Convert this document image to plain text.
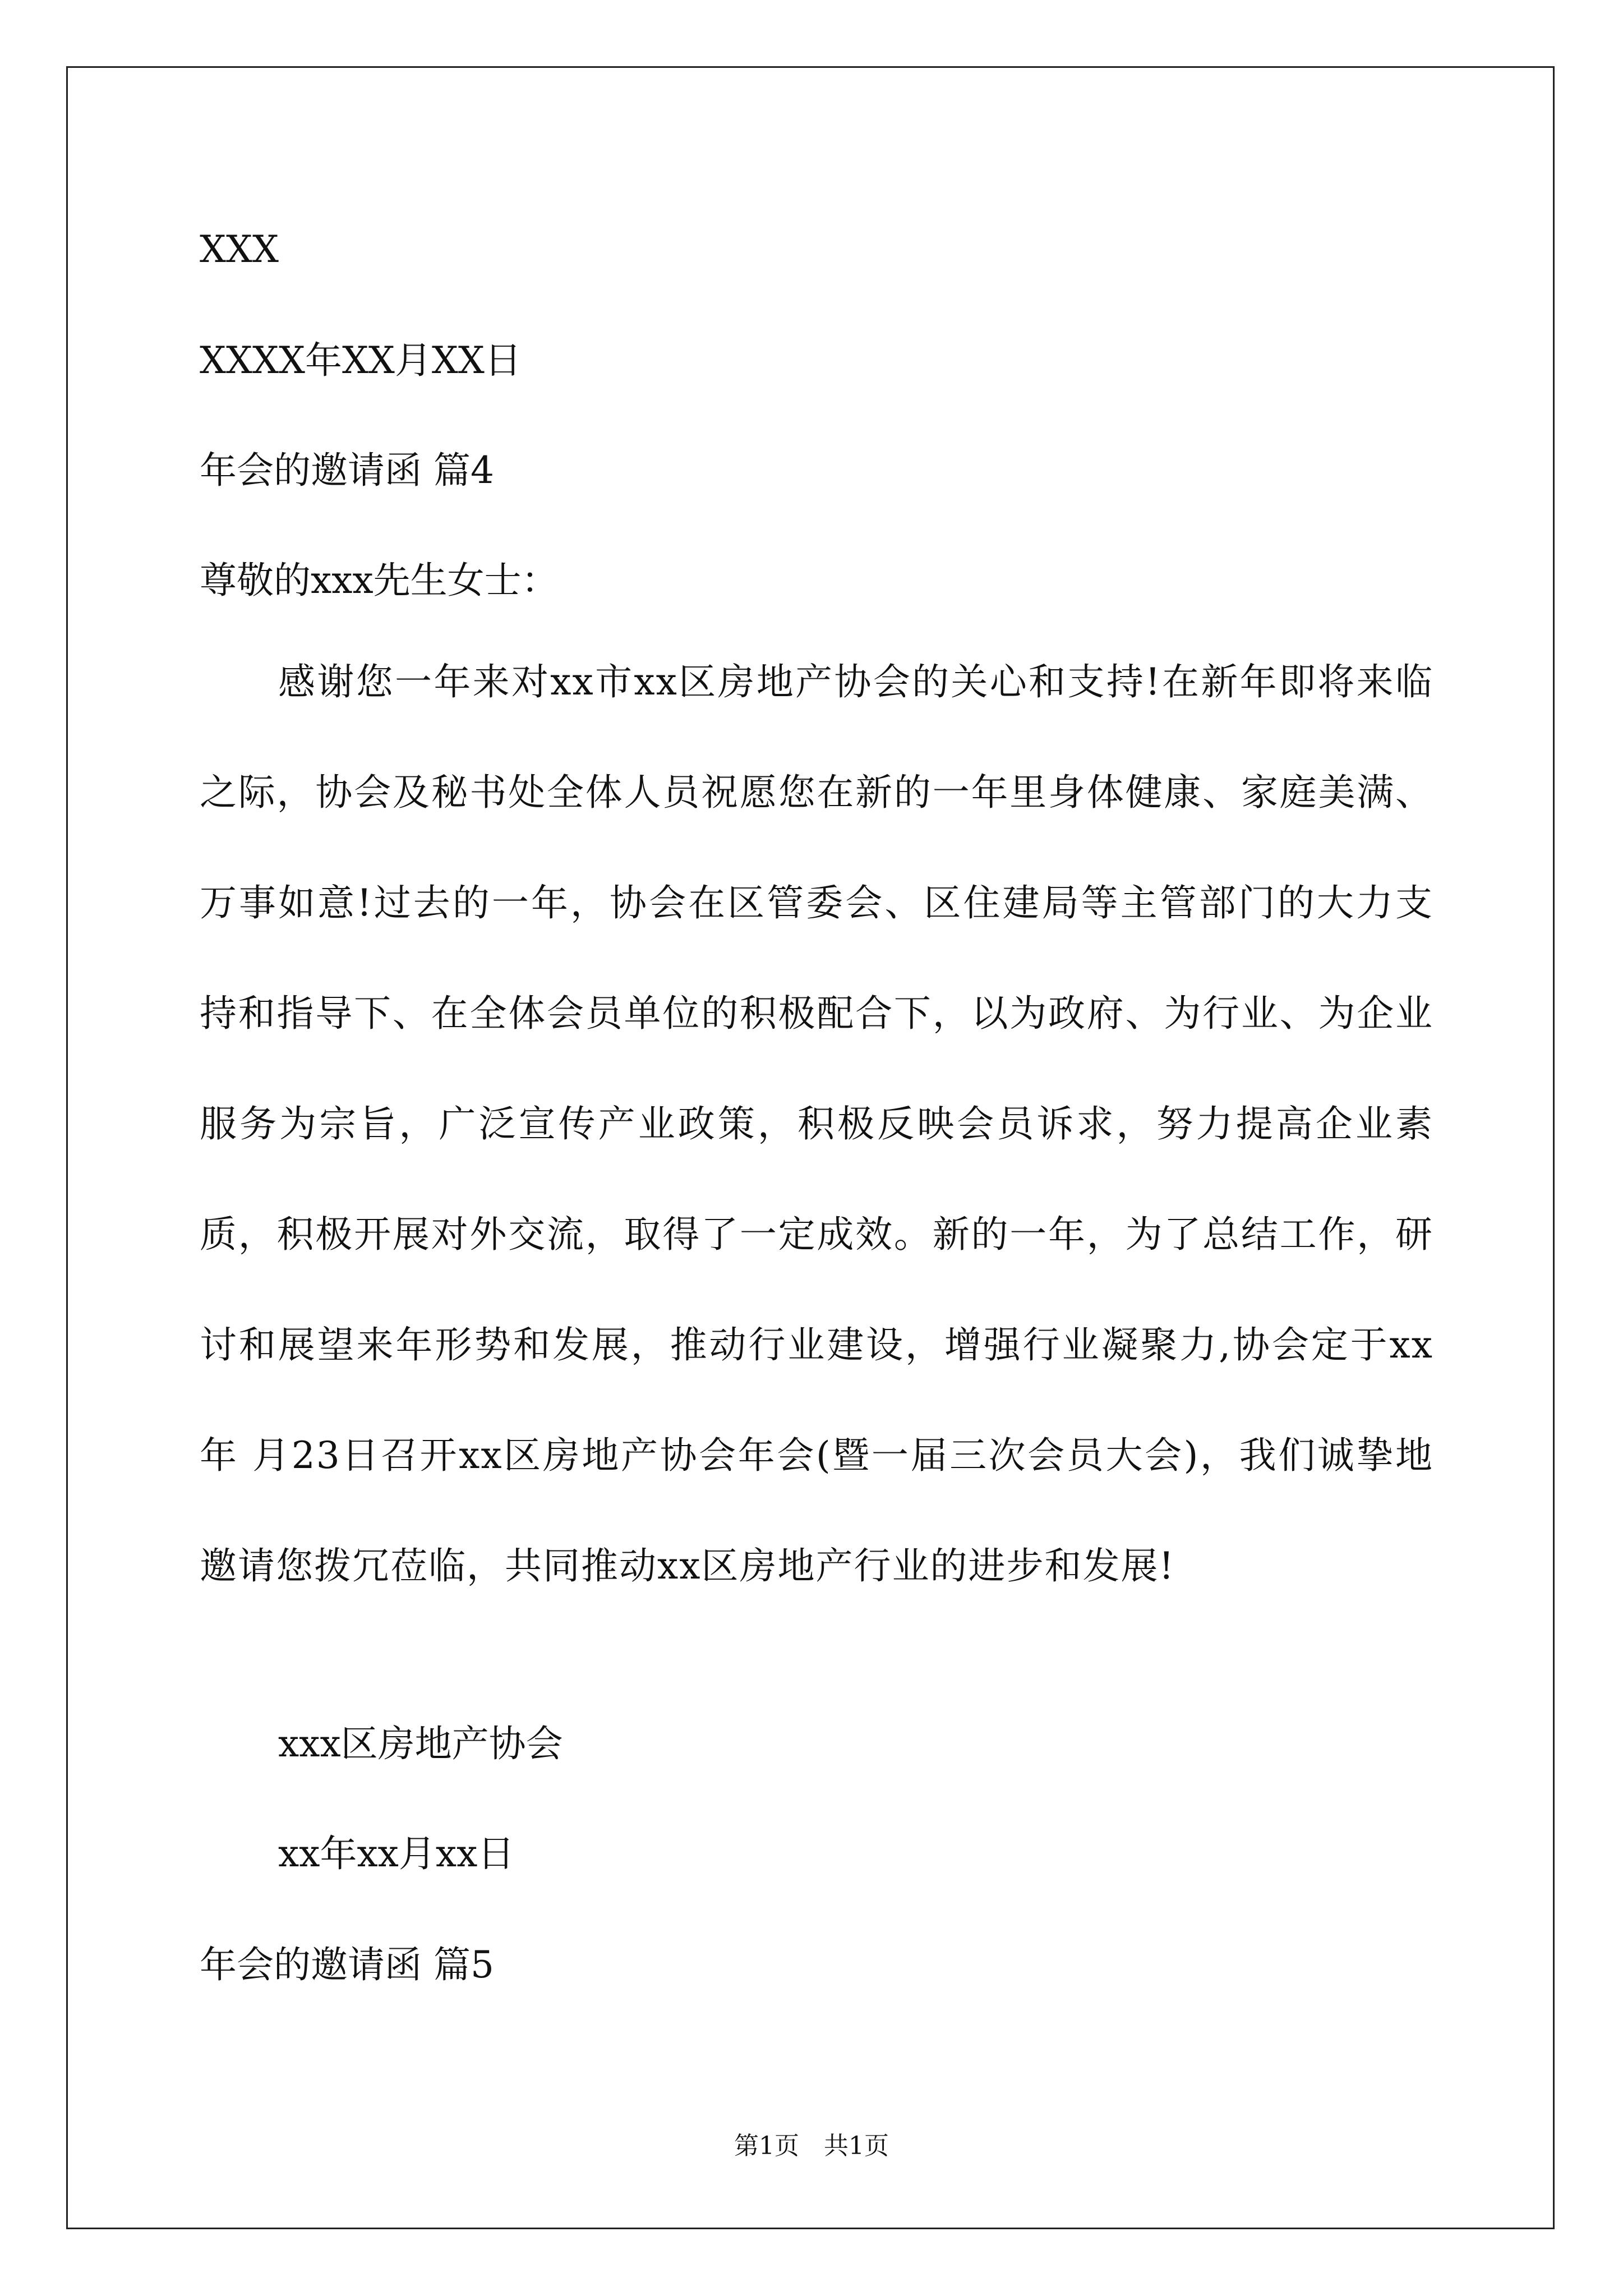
XXX

XXXX年XX月XX日

年会的邀请函 篇4

尊敬的xxx先生女士：

感谢您一年来对xx市xx区房地产协会的关心和支持!在新年即将来临之际，协会及秘书处全体人员祝愿您在新的一年里身体健康、家庭美满、万事如意!过去的一年，协会在区管委会、区住建局等主管部门的大力支持和指导下、在全体会员单位的积极配合下，以为政府、为行业、为企业服务为宗旨，广泛宣传产业政策，积极反映会员诉求，努力提高企业素质，积极开展对外交流，取得了一定成效。新的一年，为了总结工作，研讨和展望来年形势和发展，推动行业建设，增强行业凝聚力,协会定于xx年 月23日召开xx区房地产协会年会(暨一届三次会员大会)，我们诚挚地邀请您拨冗莅临，共同推动xx区房地产行业的进步和发展!

xxx区房地产协会

xx年xx月xx日

年会的邀请函 篇5
第1页　共1页
